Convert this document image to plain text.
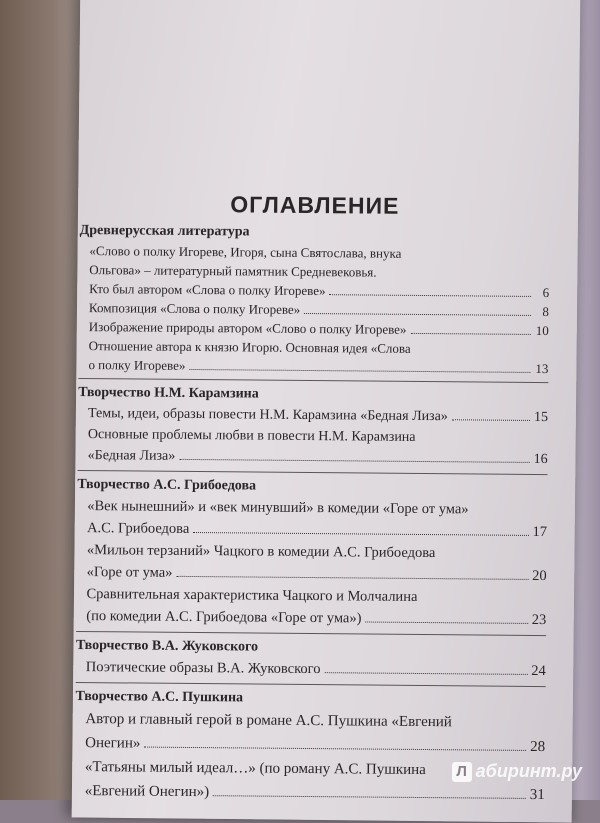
ОГЛАВЛЕНИЕ
Древнерусская литература
«Слово о полку Игореве, Игоря, сына Святослава, внука
Ольгова» – литературный памятник Средневековья.
Кто был автором «Слова о полку Игореве»	6
Композиция «Слова о полку Игореве»	8
Изображение природы автором «Слово о полку Игореве»	10
Отношение автора к князю Игорю. Основная идея «Слова
о полку Игореве»	13
Творчество Н.М. Карамзина
Темы, идеи, образы повести Н.М. Карамзина «Бедная Лиза»	15
Основные проблемы любви в повести Н.М. Карамзина
«Бедная Лиза»	16
Творчество А.С. Грибоедова
«Век нынешний» и «век минувший» в комедии «Горе от ума»
А.С. Грибоедова	17
«Мильон терзаний» Чацкого в комедии А.С. Грибоедова
«Горе от ума»	20
Сравнительная характеристика Чацкого и Молчалина
(по комедии А.С. Грибоедова «Горе от ума»)	23
Творчество В.А. Жуковского
Поэтические образы В.А. Жуковского	24
Творчество А.С. Пушкина
Автор и главный герой в романе А.С. Пушкина «Евгений
Онегин»	28
«Татьяны милый идеал…» (по роману А.С. Пушкина
«Евгений Онегин»)	31
Л абиринт.ру
